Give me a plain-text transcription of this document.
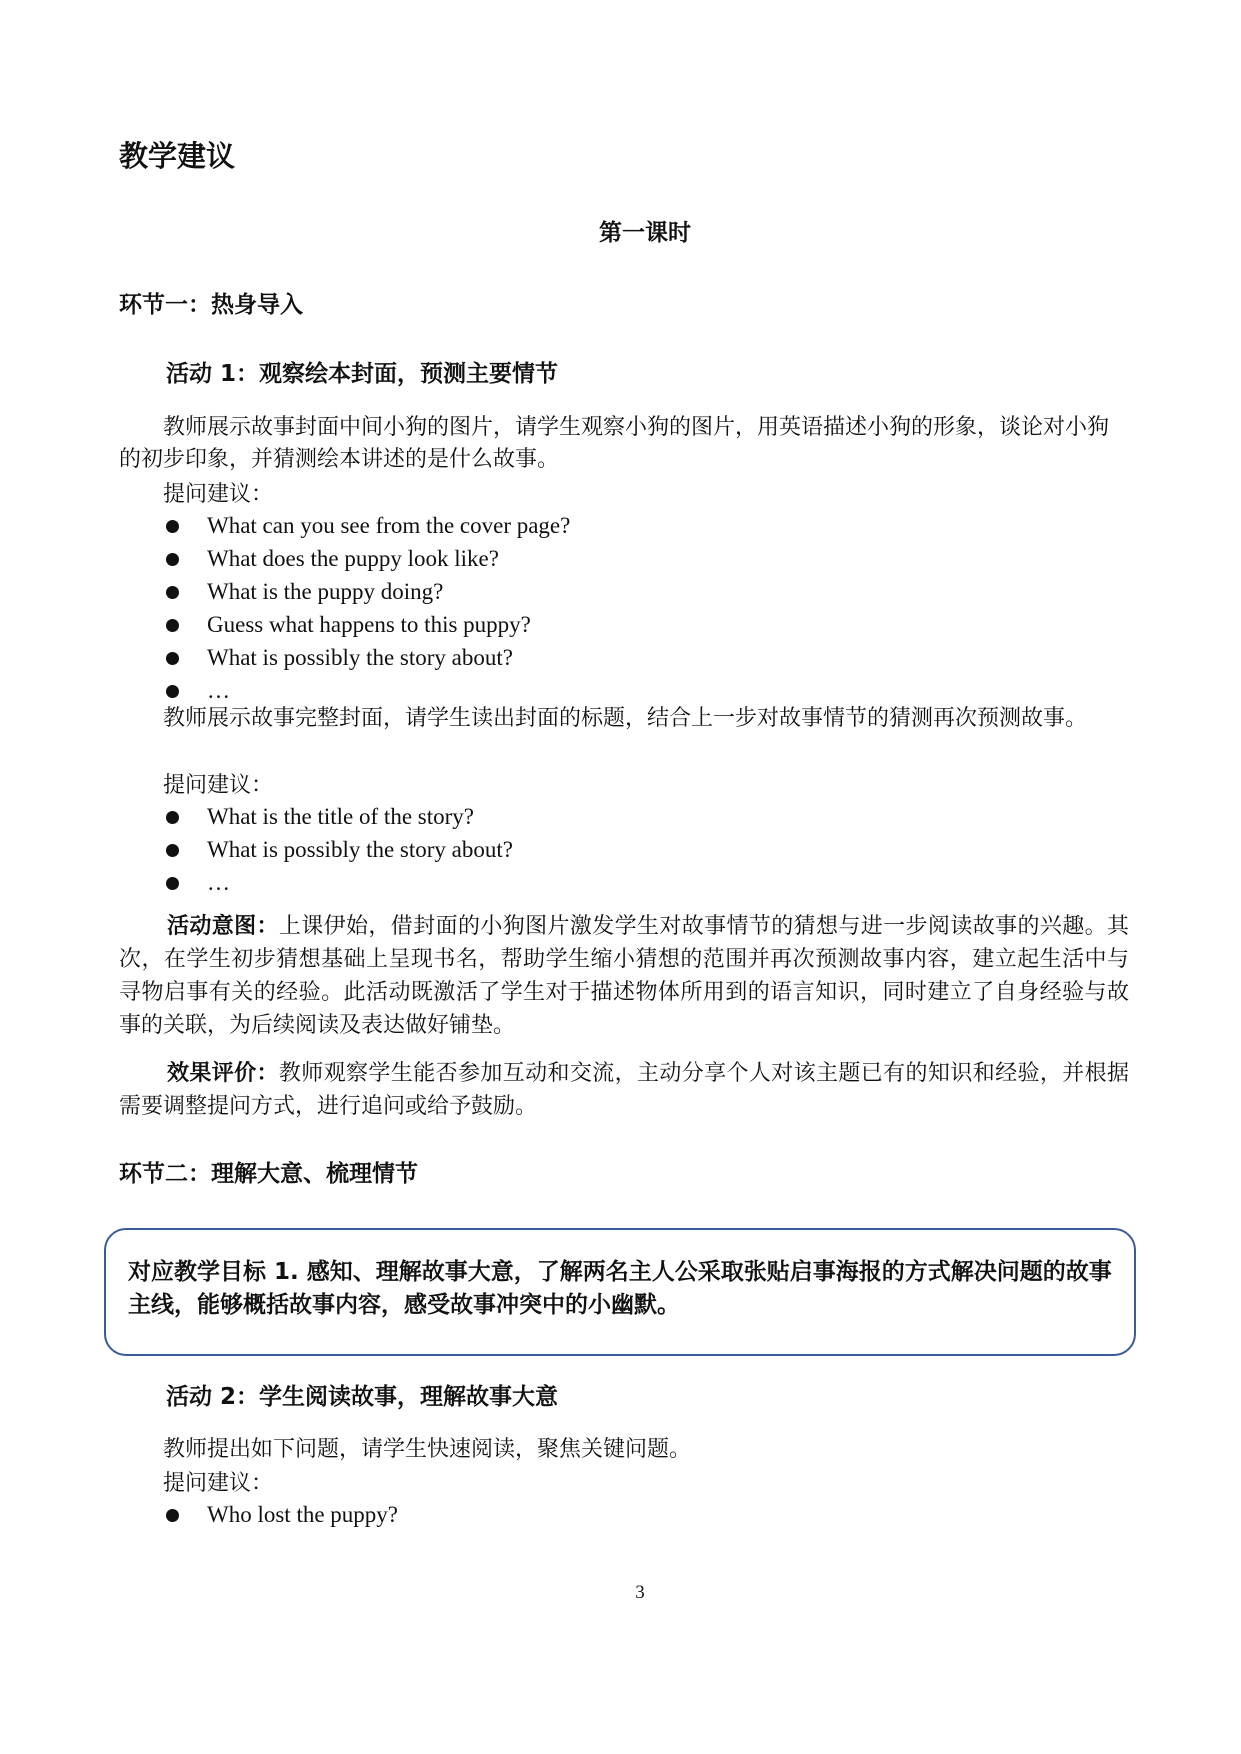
教学建议
第一课时
环节一：热身导入
活动 1：观察绘本封面，预测主要情节
教师展示故事封面中间小狗的图片，请学生观察小狗的图片，用英语描述小狗的形象，谈论对小狗的初步印象，并猜测绘本讲述的是什么故事。
提问建议：
What can you see from the cover page?
What does the puppy look like?
What is the puppy doing?
Guess what happens to this puppy?
What is possibly the story about?
…
教师展示故事完整封面，请学生读出封面的标题，结合上一步对故事情节的猜测再次预测故事。
提问建议：
What is the title of the story?
What is possibly the story about?
…
活动意图：上课伊始，借封面的小狗图片激发学生对故事情节的猜想与进一步阅读故事的兴趣。其次，在学生初步猜想基础上呈现书名，帮助学生缩小猜想的范围并再次预测故事内容，建立起生活中与寻物启事有关的经验。此活动既激活了学生对于描述物体所用到的语言知识，同时建立了自身经验与故事的关联，为后续阅读及表达做好铺垫。
效果评价：教师观察学生能否参加互动和交流，主动分享个人对该主题已有的知识和经验，并根据需要调整提问方式，进行追问或给予鼓励。
环节二：理解大意、梳理情节
对应教学目标 1. 感知、理解故事大意，了解两名主人公采取张贴启事海报的方式解决问题的故事主线，能够概括故事内容，感受故事冲突中的小幽默。
活动 2：学生阅读故事，理解故事大意
教师提出如下问题，请学生快速阅读，聚焦关键问题。
提问建议：
Who lost the puppy?
3
